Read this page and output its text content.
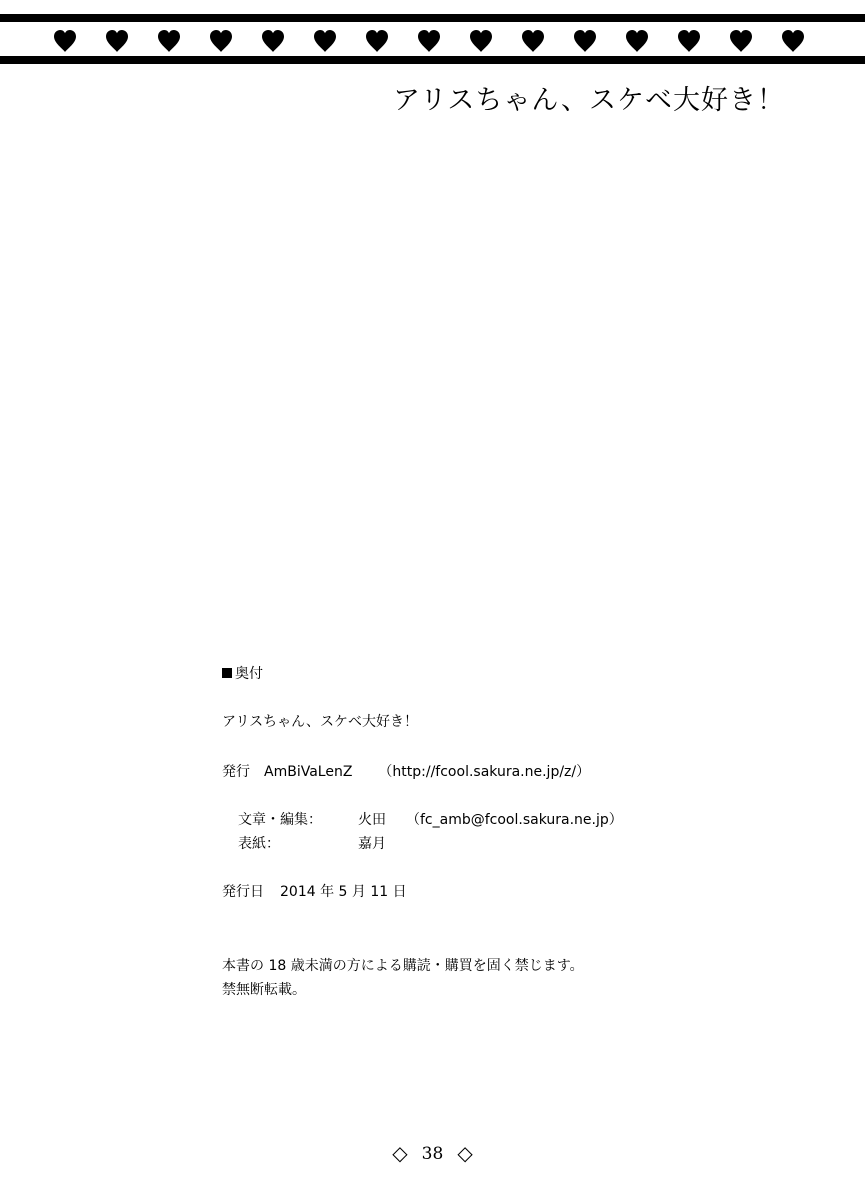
アリスちゃん、スケベ大好き！
奥付
アリスちゃん、スケベ大好き！
発行 AmBiVaLenZ （http://fcool.sakura.ne.jp/z/）
文章・編集：	火田 （fc_amb@fcool.sakura.ne.jp）
表紙：	嘉月
発行日 2014 年 5 月 11 日
本書の 18 歳未満の方による購読・購買を固く禁じます。
禁無断転載。
◇ 38 ◇
